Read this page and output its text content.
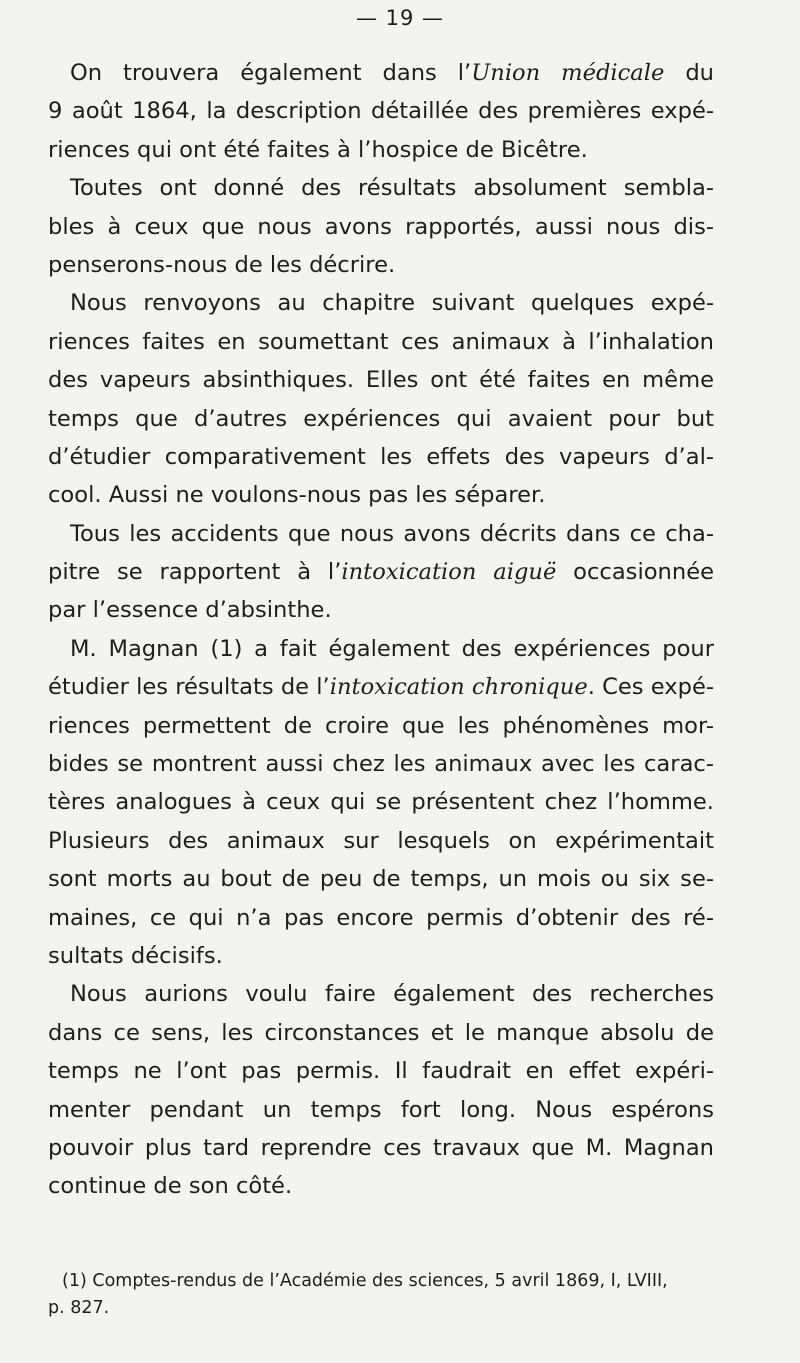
— 19 —
On trouvera également dans l’Union médicale du
9 août 1864, la description détaillée des premières expé-
riences qui ont été faites à l’hospice de Bicêtre.
Toutes ont donné des résultats absolument sembla-
bles à ceux que nous avons rapportés, aussi nous dis-
penserons-nous de les décrire.
Nous renvoyons au chapitre suivant quelques expé-
riences faites en soumettant ces animaux à l’inhalation
des vapeurs absinthiques. Elles ont été faites en même
temps que d’autres expériences qui avaient pour but
d’étudier comparativement les effets des vapeurs d’al-
cool. Aussi ne voulons-nous pas les séparer.
Tous les accidents que nous avons décrits dans ce cha-
pitre se rapportent à l’intoxication aiguë occasionnée
par l’essence d’absinthe.
M. Magnan (1) a fait également des expériences pour
étudier les résultats de l’intoxication chronique. Ces expé-
riences permettent de croire que les phénomènes mor-
bides se montrent aussi chez les animaux avec les carac-
tères analogues à ceux qui se présentent chez l’homme.
Plusieurs des animaux sur lesquels on expérimentait
sont morts au bout de peu de temps, un mois ou six se-
maines, ce qui n’a pas encore permis d’obtenir des ré-
sultats décisifs.
Nous aurions voulu faire également des recherches
dans ce sens, les circonstances et le manque absolu de
temps ne l’ont pas permis. Il faudrait en effet expéri-
menter pendant un temps fort long. Nous espérons
pouvoir plus tard reprendre ces travaux que M. Magnan
continue de son côté.
(1) Comptes-rendus de l’Académie des sciences, 5 avril 1869, I, LVIII,
p. 827.
